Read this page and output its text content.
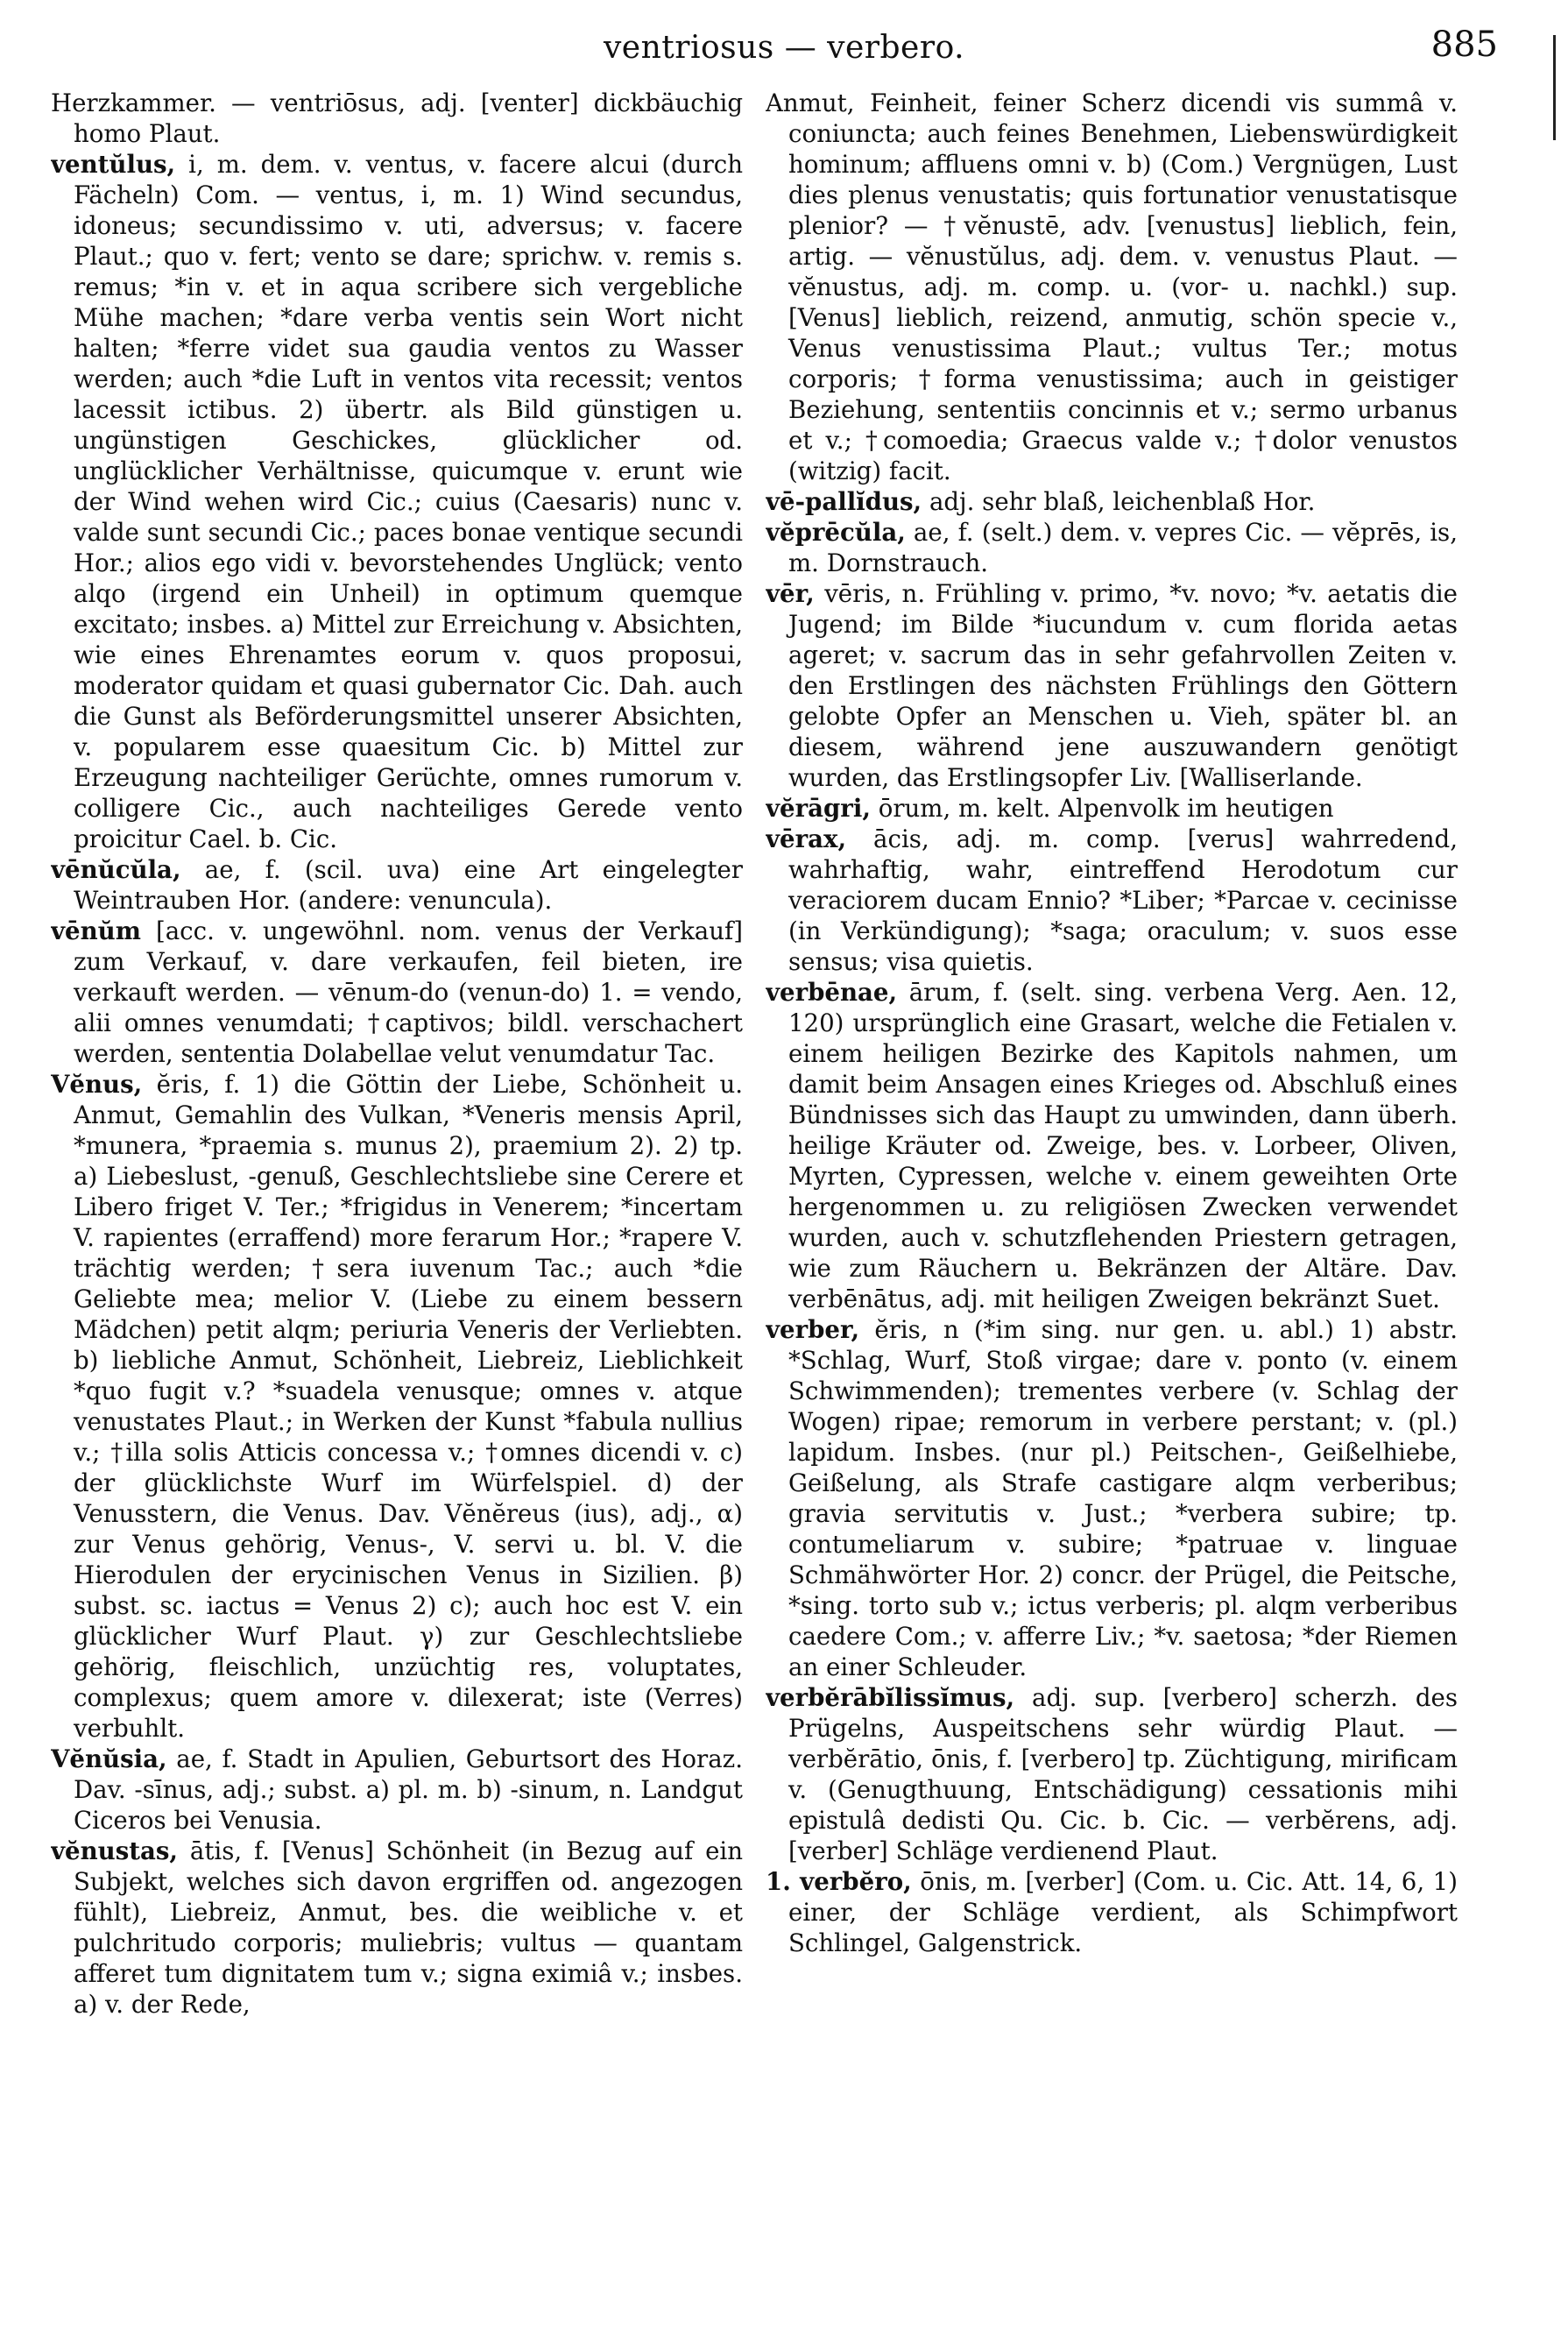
ventriosus — verbero.	885

Herzkammer. — ventriōsus, adj. [venter] dickbäuchig homo Plaut.

ventŭlus, i, m. dem. v. ventus, v. facere alcui (durch Fächeln) Com. — ventus, i, m. 1) Wind secundus, idoneus; secundissimo v. uti, adversus; v. facere Plaut.; quo v. fert; vento se dare; sprichw. v. remis s. remus; *in v. et in aqua scribere sich vergebliche Mühe machen; *dare verba ventis sein Wort nicht halten; *ferre videt sua gaudia ventos zu Wasser werden; auch *die Luft in ventos vita recessit; ventos lacessit ictibus. 2) übertr. als Bild günstigen u. ungünstigen Geschickes, glücklicher od. unglücklicher Verhältnisse, quicumque v. erunt wie der Wind wehen wird Cic.; cuius (Caesaris) nunc v. valde sunt secundi Cic.; paces bonae ventique secundi Hor.; alios ego vidi v. bevorstehendes Unglück; vento alqo (irgend ein Unheil) in optimum quemque excitato; insbes. a) Mittel zur Erreichung v. Absichten, wie eines Ehrenamtes eorum v. quos proposui, moderator quidam et quasi gubernator Cic. Dah. auch die Gunst als Beförderungsmittel unserer Absichten, v. popularem esse quaesitum Cic. b) Mittel zur Erzeugung nachteiliger Gerüchte, omnes rumorum v. colligere Cic., auch nachteiliges Gerede vento proicitur Cael. b. Cic.

vēnŭcŭla, ae, f. (scil. uva) eine Art eingelegter Weintrauben Hor. (andere: venuncula).

vēnŭm [acc. v. ungewöhnl. nom. venus der Verkauf] zum Verkauf, v. dare verkaufen, feil bieten, ire verkauft werden. — vēnum-do (venun-do) 1. = vendo, alii omnes venumdati; †captivos; bildl. verschachert werden, sententia Dolabellae velut venumdatur Tac.

Vĕnus, ĕris, f. 1) die Göttin der Liebe, Schönheit u. Anmut, Gemahlin des Vulkan, *Veneris mensis April, *munera, *praemia s. munus 2), praemium 2). 2) tp. a) Liebeslust, -genuß, Geschlechtsliebe sine Cerere et Libero friget V. Ter.; *frigidus in Venerem; *incertam V. rapientes (erraffend) more ferarum Hor.; *rapere V. trächtig werden; †sera iuvenum Tac.; auch *die Geliebte mea; melior V. (Liebe zu einem bessern Mädchen) petit alqm; periuria Veneris der Verliebten. b) liebliche Anmut, Schönheit, Liebreiz, Lieblichkeit *quo fugit v.? *suadela venusque; omnes v. atque venustates Plaut.; in Werken der Kunst *fabula nullius v.; †illa solis Atticis concessa v.; †omnes dicendi v. c) der glücklichste Wurf im Würfelspiel. d) der Venusstern, die Venus. Dav. Vĕnĕreus (ius), adj., α) zur Venus gehörig, Venus-, V. servi u. bl. V. die Hierodulen der erycinischen Venus in Sizilien. β) subst. sc. iactus = Venus 2) c); auch hoc est V. ein glücklicher Wurf Plaut. γ) zur Geschlechtsliebe gehörig, fleischlich, unzüchtig res, voluptates, complexus; quem amore v. dilexerat; iste (Verres) verbuhlt.

Vĕnŭsia, ae, f. Stadt in Apulien, Geburtsort des Horaz. Dav. -sīnus, adj.; subst. a) pl. m. b) -sinum, n. Landgut Ciceros bei Venusia.

vĕnustas, ātis, f. [Venus] Schönheit (in Bezug auf ein Subjekt, welches sich davon ergriffen od. angezogen fühlt), Liebreiz, Anmut, bes. die weibliche v. et pulchritudo corporis; muliebris; vultus — quantam afferet tum dignitatem tum v.; signa eximiâ v.; insbes. a) v. der Rede,

Anmut, Feinheit, feiner Scherz dicendi vis summâ v. coniuncta; auch feines Benehmen, Liebenswürdigkeit hominum; affluens omni v. b) (Com.) Vergnügen, Lust dies plenus venustatis; quis fortunatior venustatisque plenior? — †vĕnustē, adv. [venustus] lieblich, fein, artig. — vĕnustŭlus, adj. dem. v. venustus Plaut. — vĕnustus, adj. m. comp. u. (vor- u. nachkl.) sup. [Venus] lieblich, reizend, anmutig, schön specie v., Venus venustissima Plaut.; vultus Ter.; motus corporis; †forma venustissima; auch in geistiger Beziehung, sententiis concinnis et v.; sermo urbanus et v.; †comoedia; Graecus valde v.; †dolor venustos (witzig) facit.

vē-pallĭdus, adj. sehr blaß, leichenblaß Hor.

vĕprēcŭla, ae, f. (selt.) dem. v. vepres Cic. — vĕprēs, is, m. Dornstrauch.

vēr, vēris, n. Frühling v. primo, *v. novo; *v. aetatis die Jugend; im Bilde *iucundum v. cum florida aetas ageret; v. sacrum das in sehr gefahrvollen Zeiten v. den Erstlingen des nächsten Frühlings den Göttern gelobte Opfer an Menschen u. Vieh, später bl. an diesem, während jene auszuwandern genötigt wurden, das Erstlingsopfer Liv. [Walliserlande.

vĕrāgri, ōrum, m. kelt. Alpenvolk im heutigen

vērax, ācis, adj. m. comp. [verus] wahrredend, wahrhaftig, wahr, eintreffend Herodotum cur veraciorem ducam Ennio? *Liber; *Parcae v. cecinisse (in Verkündigung); *saga; oraculum; v. suos esse sensus; visa quietis.

verbēnae, ārum, f. (selt. sing. verbena Verg. Aen. 12, 120) ursprünglich eine Grasart, welche die Fetialen v. einem heiligen Bezirke des Kapitols nahmen, um damit beim Ansagen eines Krieges od. Abschluß eines Bündnisses sich das Haupt zu umwinden, dann überh. heilige Kräuter od. Zweige, bes. v. Lorbeer, Oliven, Myrten, Cypressen, welche v. einem geweihten Orte hergenommen u. zu religiösen Zwecken verwendet wurden, auch v. schutzflehenden Priestern getragen, wie zum Räuchern u. Bekränzen der Altäre. Dav. verbēnātus, adj. mit heiligen Zweigen bekränzt Suet.

verber, ĕris, n (*im sing. nur gen. u. abl.) 1) abstr. *Schlag, Wurf, Stoß virgae; dare v. ponto (v. einem Schwimmenden); trementes verbere (v. Schlag der Wogen) ripae; remorum in verbere perstant; v. (pl.) lapidum. Insbes. (nur pl.) Peitschen-, Geißelhiebe, Geißelung, als Strafe castigare alqm verberibus; gravia servitutis v. Just.; *verbera subire; tp. contumeliarum v. subire; *patruae v. linguae Schmähwörter Hor. 2) concr. der Prügel, die Peitsche, *sing. torto sub v.; ictus verberis; pl. alqm verberibus caedere Com.; v. afferre Liv.; *v. saetosa; *der Riemen an einer Schleuder.

verbĕrābĭlissĭmus, adj. sup. [verbero] scherzh. des Prügelns, Auspeitschens sehr würdig Plaut. — verbĕrātio, ōnis, f. [verbero] tp. Züchtigung, mirificam v. (Genugthuung, Entschädigung) cessationis mihi epistulâ dedisti Qu. Cic. b. Cic. — verbĕrens, adj. [verber] Schläge verdienend Plaut.

1. verbĕro, ōnis, m. [verber] (Com. u. Cic. Att. 14, 6, 1) einer, der Schläge verdient, als Schimpfwort Schlingel, Galgenstrick.
